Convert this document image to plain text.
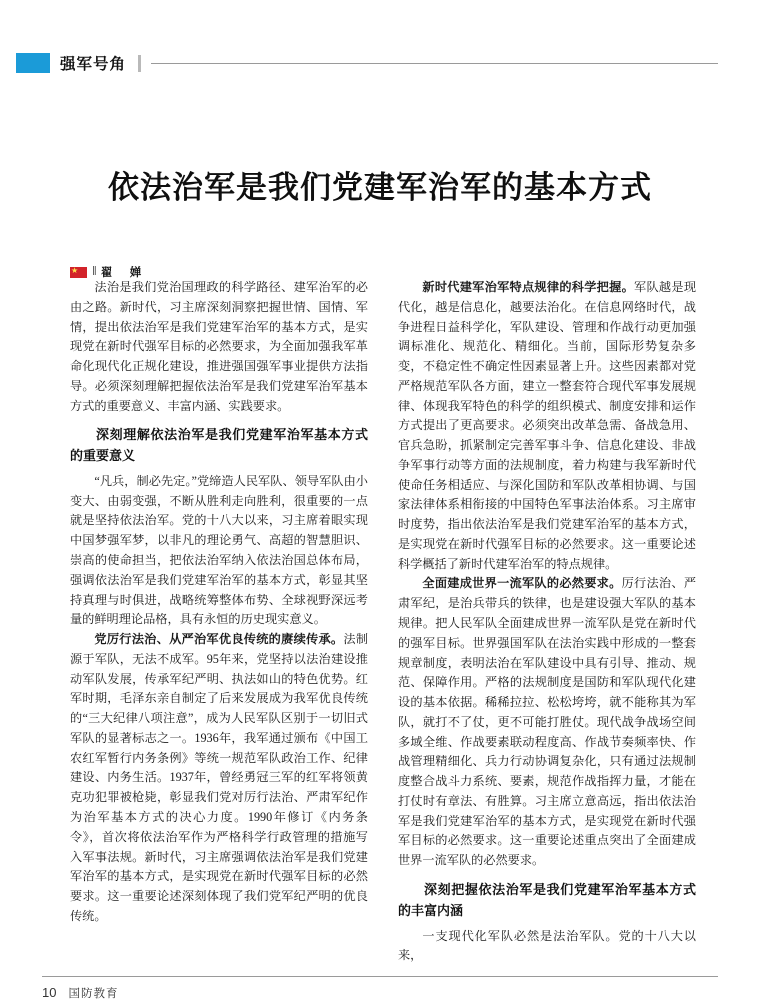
强军号角
依法治军是我们党建军治军的基本方式
★
‖ 翟　婵

法治是我们党治国理政的科学路径、建军治军的必由之路。新时代，习主席深刻洞察把握世情、国情、军情，提出依法治军是我们党建军治军的基本方式，是实现党在新时代强军目标的必然要求，为全面加强我军革命化现代化正规化建设，推进强国强军事业提供方法指导。必须深刻理解把握依法治军是我们党建军治军基本方式的重要意义、丰富内涵、实践要求。

深刻理解依法治军是我们党建军治军基本方式的重要意义

“凡兵，制必先定。”党缔造人民军队、领导军队由小变大、由弱变强，不断从胜利走向胜利，很重要的一点就是坚持依法治军。党的十八大以来，习主席着眼实现中国梦强军梦，以非凡的理论勇气、高超的智慧胆识、崇高的使命担当，把依法治军纳入依法治国总体布局，强调依法治军是我们党建军治军的基本方式，彰显其坚持真理与时俱进，战略统筹整体布势、全球视野深远考量的鲜明理论品格，具有永恒的历史现实意义。

党厉行法治、从严治军优良传统的赓续传承。法制源于军队，无法不成军。95年来，党坚持以法治建设推动军队发展，传承军纪严明、执法如山的特色优势。红军时期，毛泽东亲自制定了后来发展成为我军优良传统的“三大纪律八项注意”，成为人民军队区别于一切旧式军队的显著标志之一。1936年，我军通过颁布《中国工农红军暂行内务条例》等统一规范军队政治工作、纪律建设、内务生活。1937年，曾经勇冠三军的红军将领黄克功犯罪被枪毙，彰显我们党对厉行法治、严肃军纪作为治军基本方式的决心力度。1990年修订《内务条令》，首次将依法治军作为严格科学行政管理的措施写入军事法规。新时代，习主席强调依法治军是我们党建军治军的基本方式，是实现党在新时代强军目标的必然要求。这一重要论述深刻体现了我们党军纪严明的优良传统。

新时代建军治军特点规律的科学把握。军队越是现代化，越是信息化，越要法治化。在信息网络时代，战争进程日益科学化，军队建设、管理和作战行动更加强调标准化、规范化、精细化。当前，国际形势复杂多变，不稳定性不确定性因素显著上升。这些因素都对党严格规范军队各方面，建立一整套符合现代军事发展规律、体现我军特色的科学的组织模式、制度安排和运作方式提出了更高要求。必须突出改革急需、备战急用、官兵急盼，抓紧制定完善军事斗争、信息化建设、非战争军事行动等方面的法规制度，着力构建与我军新时代使命任务相适应、与深化国防和军队改革相协调、与国家法律体系相衔接的中国特色军事法治体系。习主席审时度势，指出依法治军是我们党建军治军的基本方式，是实现党在新时代强军目标的必然要求。这一重要论述科学概括了新时代建军治军的特点规律。

全面建成世界一流军队的必然要求。厉行法治、严肃军纪，是治兵带兵的铁律，也是建设强大军队的基本规律。把人民军队全面建成世界一流军队是党在新时代的强军目标。世界强国军队在法治实践中形成的一整套规章制度，表明法治在军队建设中具有引导、推动、规范、保障作用。严格的法规制度是国防和军队现代化建设的基本依据。稀稀拉拉、松松垮垮，就不能称其为军队，就打不了仗，更不可能打胜仗。现代战争战场空间多域全维、作战要素联动程度高、作战节奏频率快、作战管理精细化、兵力行动协调复杂化，只有通过法规制度整合战斗力系统、要素，规范作战指挥力量，才能在打仗时有章法、有胜算。习主席立意高远，指出依法治军是我们党建军治军的基本方式，是实现党在新时代强军目标的必然要求。这一重要论述重点突出了全面建成世界一流军队的必然要求。

深刻把握依法治军是我们党建军治军基本方式的丰富内涵

一支现代化军队必然是法治军队。党的十八大以来，

10 国防教育
